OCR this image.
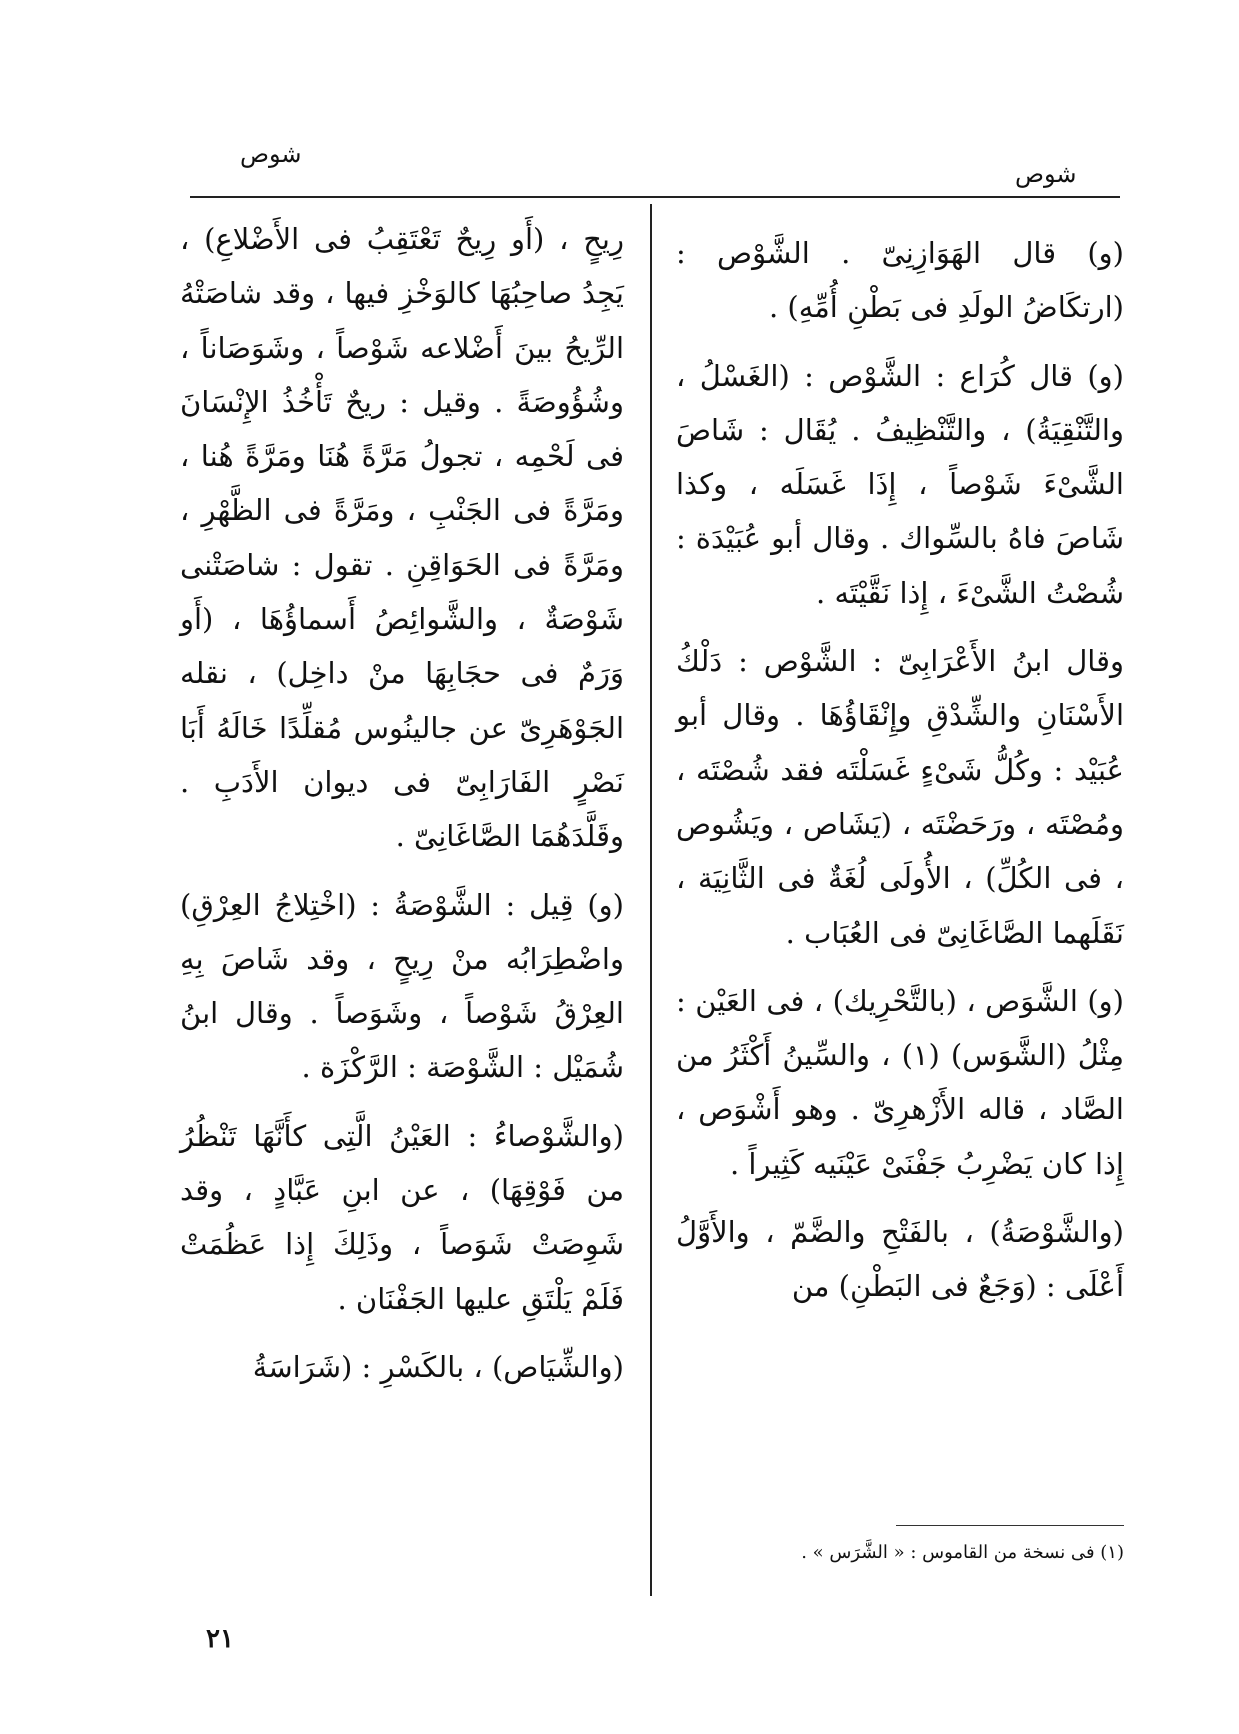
شوص
شوص

(و) قال الهَوَازِنِىّ . الشَّوْص : (ارتكَاضُ الولَدِ فى بَطْنِ أُمِّهِ) .

(و) قال كُرَاع : الشَّوْص : (الغَسْلُ ، والتَّنْقِيَةُ) ، والتَّنْظِيفُ . يُقَال : شَاصَ الشَّىْءَ شَوْصاً ، إِذَا غَسَلَه ، وكذا شَاصَ فاهُ بالسِّواك . وقال أبو عُبَيْدَة : شُصْتُ الشَّىْءَ ، إِذا نَقَّيْتَه .

وقال ابنُ الأَعْرَابِىّ : الشَّوْص : دَلْكُ الأَسْنَانِ والشِّدْقِ وإِنْقَاؤُهَا . وقال أبو عُبَيْد : وكُلُّ شَىْءٍ غَسَلْتَه فقد شُصْتَه ، ومُصْتَه ، ورَحَضْتَه ، (يَشَاص ، ويَشُوص ، فى الكُلِّ) ، الأُولَى لُغَةٌ فى الثَّانِيَة ، نَقَلَهما الصَّاغَانِىّ فى العُبَاب .

(و) الشَّوَص ، (بالتَّحْرِيك) ، فى العَيْن : مِثْلُ (الشَّوَس) (١) ، والسِّينُ أَكْثَرُ من الصَّاد ، قاله الأَزْهرِىّ . وهو أَشْوَص ، إِذا كان يَضْرِبُ جَفْنَىْ عَيْنَيه كَثِيراً .

(والشَّوْصَةُ) ، بالفَتْحِ والضَّمّ ، والأَوَّلُ أَعْلَى : (وَجَعٌ فى البَطْنِ) من

رِيحٍ ، (أَو رِيحٌ تَعْتَقِبُ فى الأَضْلاعِ) ، يَجِدُ صاحِبُهَا كالوَخْزِ فيها ، وقد شاصَتْهُ الرِّيحُ بينَ أَضْلاعه شَوْصاً ، وشَوَصَاناً ، وشُؤُوصَةً . وقيل : ريحٌ تَأْخُذُ الإِنْسَانَ فى لَحْمِه ، تجولُ مَرَّةً هُنَا ومَرَّةً هُنا ، ومَرَّةً فى الجَنْبِ ، ومَرَّةً فى الظَّهْرِ ، ومَرَّةً فى الحَوَاقِنِ . تقول : شاصَتْنى شَوْصَةٌ ، والشَّوائِصُ أَسماؤُهَا ، (أَو وَرَمٌ فى حجَابِهَا منْ داخِل) ، نقله الجَوْهَرِىّ عن جالينُوس مُقلِّدًا خَالَهُ أَبَا نَصْرٍ الفَارَابِىّ فى ديوان الأَدَبِ . وقَلَّدَهُمَا الصَّاغَانِىّ .

(و) قِيل : الشَّوْصَةُ : (اخْتِلاجُ العِرْقِ) واضْطِرَابُه منْ رِيحٍ ، وقد شَاصَ بِهِ العِرْقُ شَوْصاً ، وشَوَصاً . وقال ابنُ شُمَيْل : الشَّوْصَة : الرَّكْزَة .

(والشَّوْصاءُ : العَيْنُ الَّتِى كأَنَّهَا تَنْظُرُ من فَوْقِهَا) ، عن ابنِ عَبَّادٍ ، وقد شَوِصَتْ شَوَصاً ، وذَلِكَ إِذا عَظُمَتْ فَلَمْ يَلْتَقِ عليها الجَفْنَان .

(والشِّيَاص) ، بالكَسْرِ : (شَرَاسَةُ

(١) فى نسخة من القاموس : « الشَّرَس » .
٢١
